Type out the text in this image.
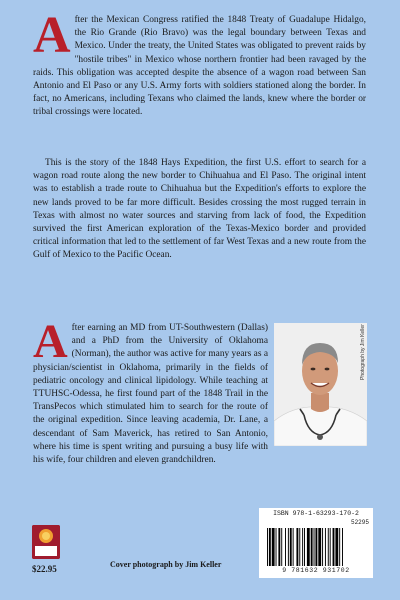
After the Mexican Congress ratified the 1848 Treaty of Guadalupe Hidalgo, the Rio Grande (Rio Bravo) was the legal boundary between Texas and Mexico. Under the treaty, the United States was obligated to prevent raids by "hostile tribes" in Mexico whose northern frontier had been ravaged by the raids. This obligation was accepted despite the absence of a wagon road between San Antonio and El Paso or any U.S. Army forts with soldiers stationed along the border. In fact, no Americans, including Texans who claimed the lands, knew where the border or tribal crossings were located.
This is the story of the 1848 Hays Expedition, the first U.S. effort to search for a wagon road route along the new border to Chihuahua and El Paso. The original intent was to establish a trade route to Chihuahua but the Expedition's efforts to explore the new lands proved to be far more difficult. Besides crossing the most rugged terrain in Texas with almost no water sources and starving from lack of food, the Expedition survived the first American exploration of the Texas-Mexico border and provided critical information that led to the settlement of far West Texas and a new route from the Gulf of Mexico to the Pacific Ocean.
After earning an MD from UT-Southwestern (Dallas) and a PhD from the University of Oklahoma (Norman), the author was active for many years as a physician/scientist in Oklahoma, primarily in the fields of pediatric oncology and clinical lipidology. While teaching at TTUHSC-Odessa, he first found part of the 1848 Trail in the TransPecos which stimulated him to search for the route of the original expedition. Since leaving academia, Dr. Lane, a descendant of Sam Maverick, has retired to San Antonio, where his time is spent writing and pursuing a busy life with his wife, four children and eleven grandchildren.
Photograph by Jim Keller
$22.95	Cover photograph by Jim Keller
ISBN 978-1-63293-170-2
52295
9 781632 931702
